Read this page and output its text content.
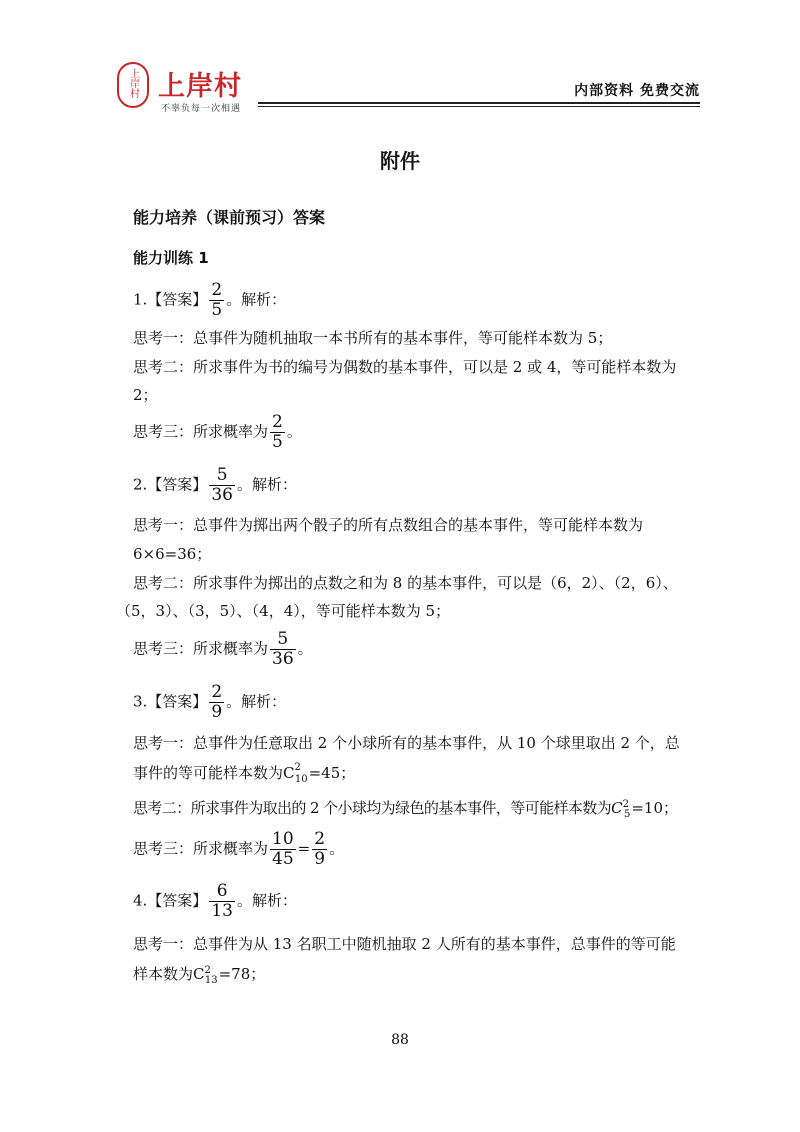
上岸村 上岸村
不辜负每一次相遇
内部资料 免费交流
附件
能力培养（课前预习）答案
能力训练 1
1.【答案】 $\frac{2}{5}$ 。解析：
思考一：总事件为随机抽取一本书所有的基本事件，等可能样本数为 5；
思考二：所求事件为书的编号为偶数的基本事件，可以是 2 或 4，等可能样本数为
2；
思考三：所求概率为 $\frac{2}{5}$ 。
2.【答案】 $\frac{5}{36}$ 。解析：
思考一：总事件为掷出两个骰子的所有点数组合的基本事件，等可能样本数为
6×6=36；
思考二：所求事件为掷出的点数之和为 8 的基本事件，可以是（6，2）、（2，6）、
（5，3）、（3，5）、（4，4），等可能样本数为 5；
思考三：所求概率为 $\frac{5}{36}$ 。
3.【答案】 $\frac{2}{9}$ 。解析：
思考一：总事件为任意取出 2 个小球所有的基本事件，从 10 个球里取出 2 个，总
事件的等可能样本数为$C^2_{10}=45$；
思考二：所求事件为取出的 2 个小球均为绿色的基本事件，等可能样本数为$C^2_5=10$；
思考三：所求概率为 $\frac{10}{45} = \frac{2}{9}$ 。
4.【答案】 $\frac{6}{13}$ 。解析：
思考一：总事件为从 13 名职工中随机抽取 2 人所有的基本事件，总事件的等可能
样本数为$C^2_{13}=78$；
88
